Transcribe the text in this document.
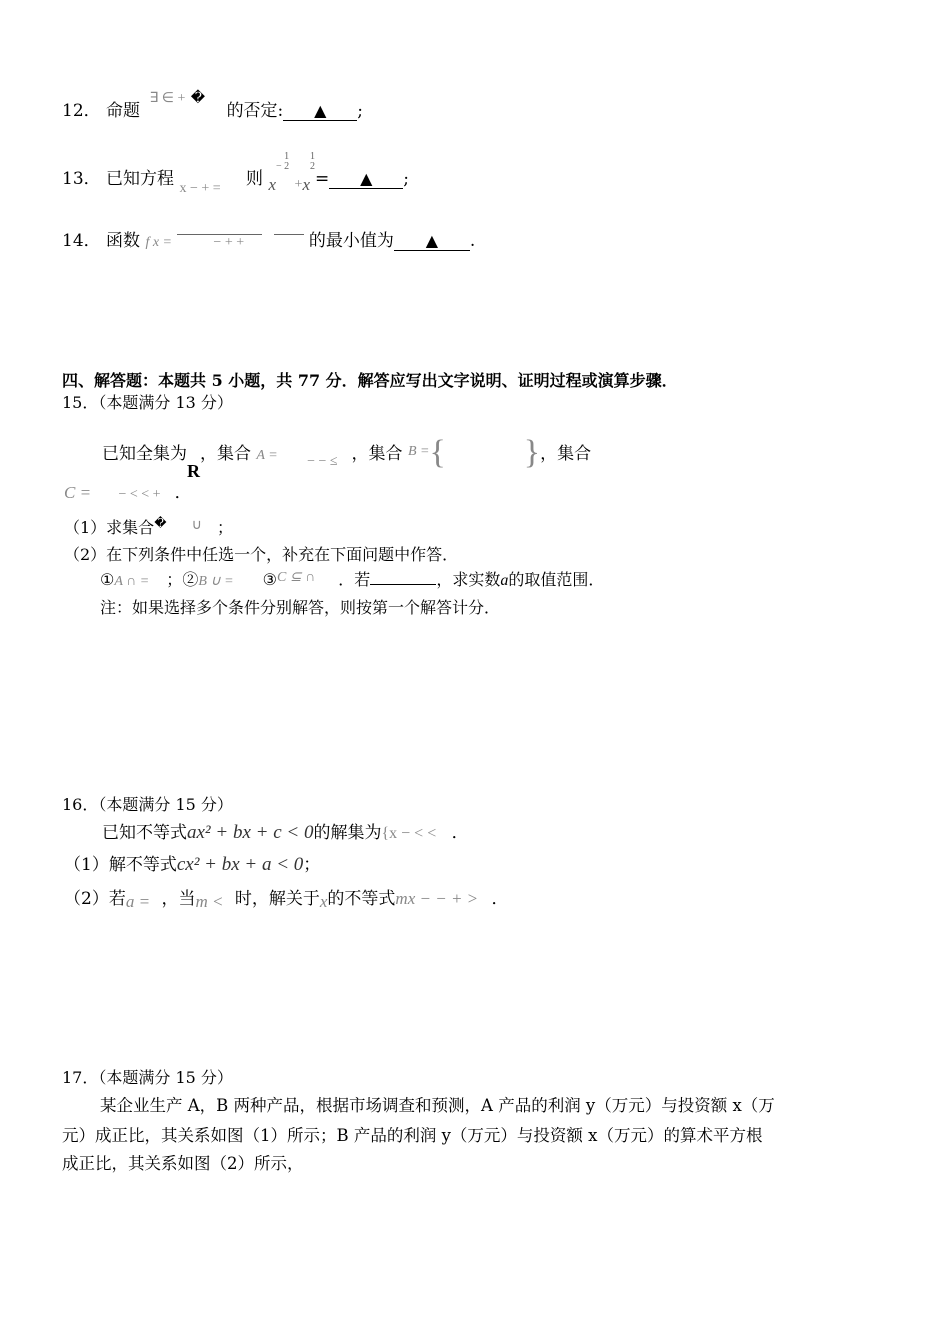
12． 命题 ∃ ∈ + � 的否定: ▲ ;
13． 已知方程 $_{x - + =}$ 则 x− 1
2 $_+$x1
2= ▲ ;
14． 函数 f x =	− + +	的最小值为 ▲ .
四、解答题：本题共 5 小题，共 77 分．解答应写出文字说明、证明过程或演算步骤．
15．（本题满分 13 分）
已知全集为R，集合 A = $_{- - \le}$ ，集合 $^{B =}${ }，集合
C = − < < + ．
（1）求集合� ∪ ；
（2）在下列条件中任选一个，补充在下面问题中作答．
①A ∩ = ；②B ∪ = ③C ⊆ ∩ ．若	，求实数a的取值范围．
注：如果选择多个条件分别解答，则按第一个解答计分．
16．（本题满分 15 分）
已知不等式ax² + bx + c < 0的解集为{x − < < ．
（1）解不等式cx² + bx + a < 0；
（2）若a = ，当m < 时，解关于x的不等式mx − − + > ．
17．（本题满分 15 分）
某企业生产 A，B 两种产品，根据市场调查和预测，A 产品的利润 y（万元）与投资额 x（万
元）成正比，其关系如图（1）所示；B 产品的利润 y（万元）与投资额 x（万元）的算术平方根
成正比，其关系如图（2）所示，
